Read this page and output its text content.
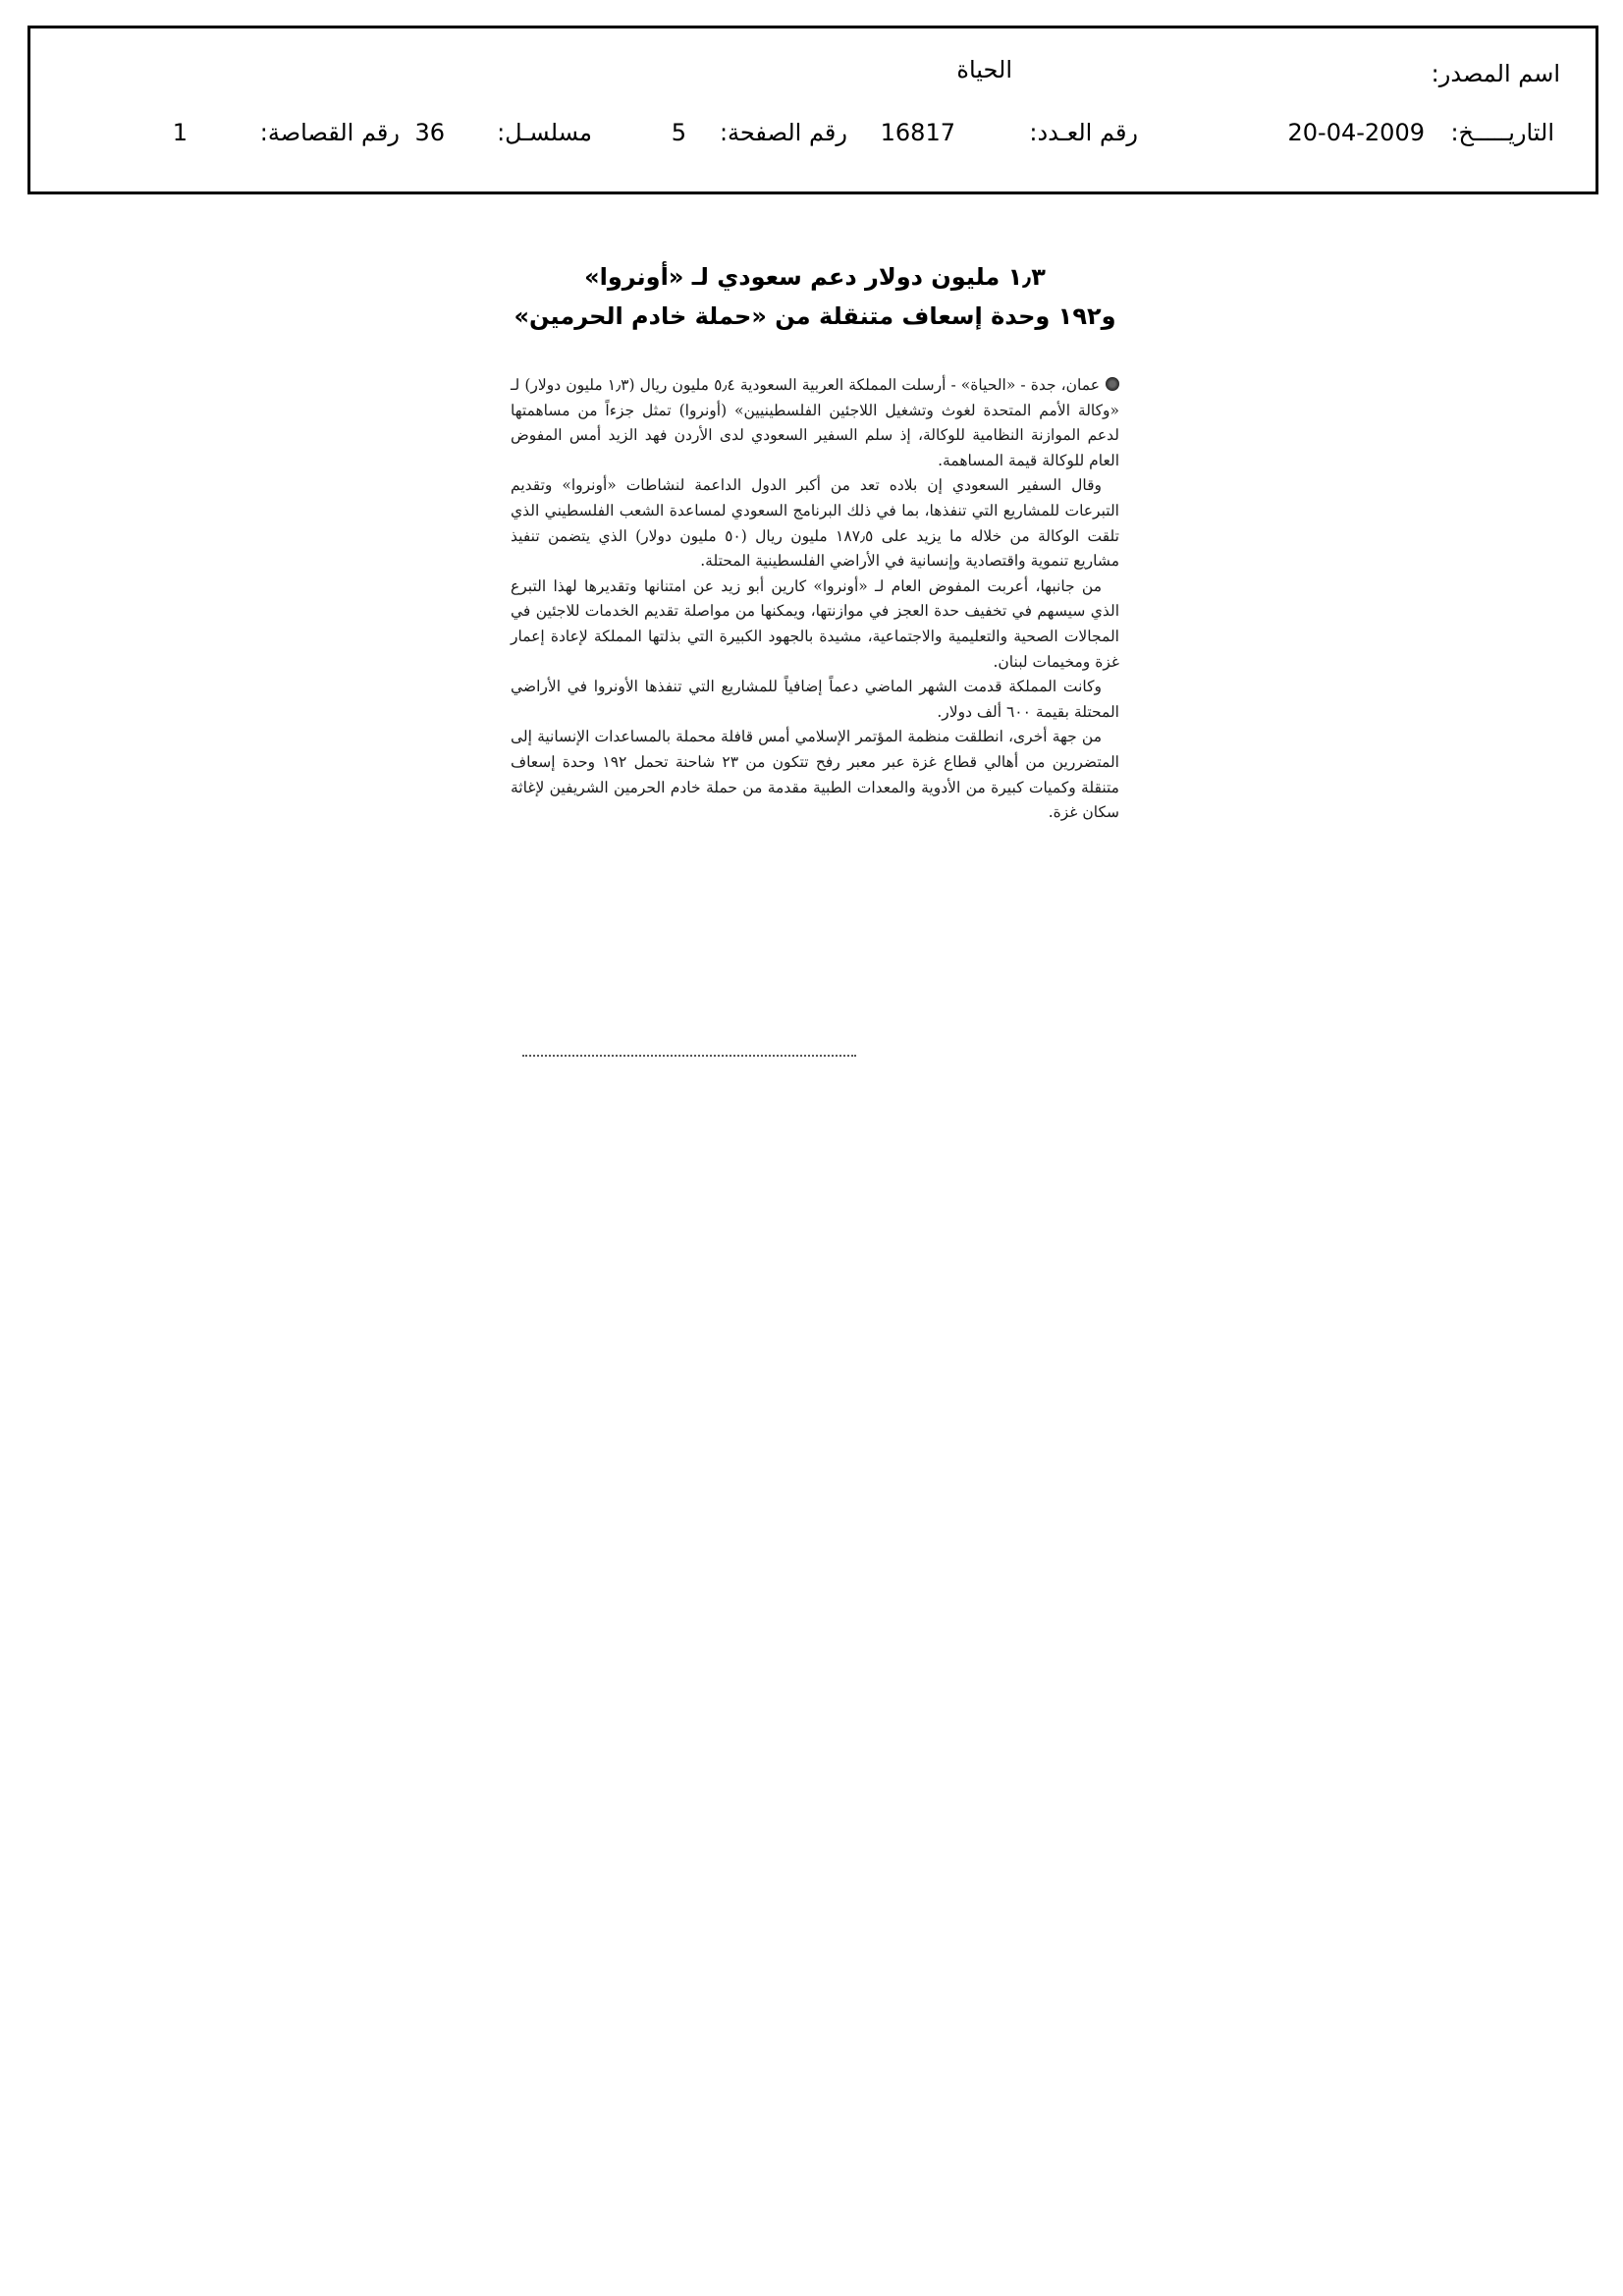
اسم المصدر:
الحياة
التاريـــــخ:
20-04-2009
رقم العـدد:
16817
رقم الصفحة:
5
مسلسـل:
36
رقم القصاصة:
1
١٫٣ مليون دولار دعم سعودي لـ «أونروا»
و١٩٢ وحدة إسعاف متنقلة من «حملة خادم الحرمين»

عمان، جدة - «الحياة» - أرسلت المملكة العربية السعودية ٥٫٤ مليون ريال (١٫٣ مليون دولار) لـ «وكالة الأمم المتحدة لغوث وتشغيل اللاجئين الفلسطينيين» (أونروا) تمثل جزءاً من مساهمتها لدعم الموازنة النظامية للوكالة، إذ سلم السفير السعودي لدى الأردن فهد الزيد أمس المفوض العام للوكالة قيمة المساهمة.

وقال السفير السعودي إن بلاده تعد من أكبر الدول الداعمة لنشاطات «أونروا» وتقديم التبرعات للمشاريع التي تنفذها، بما في ذلك البرنامج السعودي لمساعدة الشعب الفلسطيني الذي تلقت الوكالة من خلاله ما يزيد على ١٨٧٫٥ مليون ريال (٥٠ مليون دولار) الذي يتضمن تنفيذ مشاريع تنموية واقتصادية وإنسانية في الأراضي الفلسطينية المحتلة.

من جانبها، أعربت المفوض العام لـ «أونروا» كارين أبو زيد عن امتنانها وتقديرها لهذا التبرع الذي سيسهم في تخفيف حدة العجز في موازنتها، ويمكنها من مواصلة تقديم الخدمات للاجئين في المجالات الصحية والتعليمية والاجتماعية، مشيدة بالجهود الكبيرة التي بذلتها المملكة لإعادة إعمار غزة ومخيمات لبنان.

وكانت المملكة قدمت الشهر الماضي دعماً إضافياً للمشاريع التي تنفذها الأونروا في الأراضي المحتلة بقيمة ٦٠٠ ألف دولار.

من جهة أخرى، انطلقت منظمة المؤتمر الإسلامي أمس قافلة محملة بالمساعدات الإنسانية إلى المتضررين من أهالي قطاع غزة عبر معبر رفح تتكون من ٢٣ شاحنة تحمل ١٩٢ وحدة إسعاف متنقلة وكميات كبيرة من الأدوية والمعدات الطبية مقدمة من حملة خادم الحرمين الشريفين لإغاثة سكان غزة.
